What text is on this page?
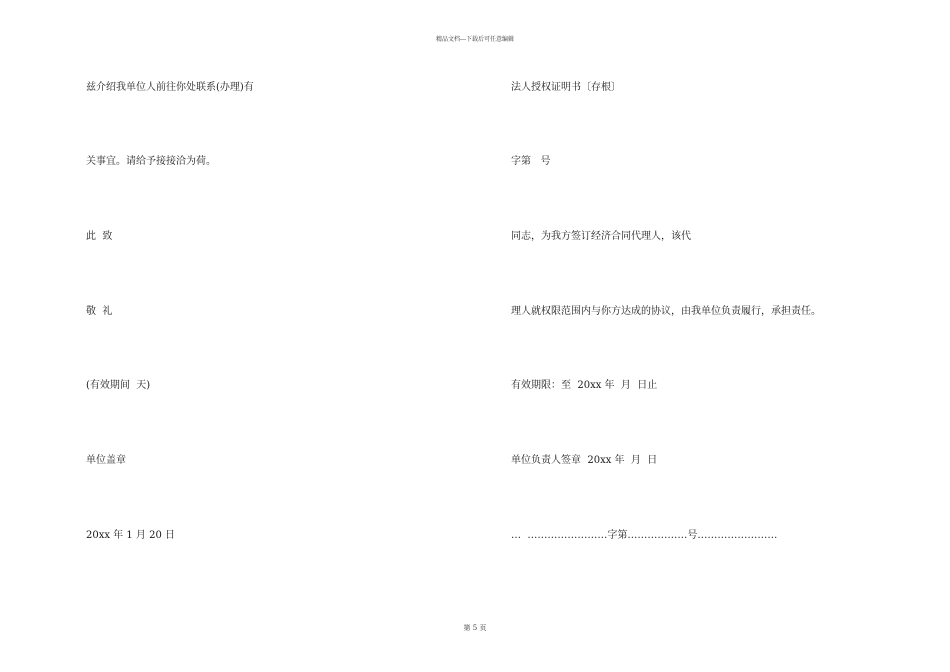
精品文档---下载后可任意编辑
兹介绍我单位人前往你处联系(办理)有
关事宜。请给予接接洽为荷。
此  致
敬  礼
(有效期间  天)
单位盖章
20xx 年 1 月 20 日
法人授权证明书〔存根〕
字第   号
同志，为我方签订经济合同代理人，该代
理人就权限范围内与你方达成的协议，由我单位负责履行，承担责任。
有效期限：至  20xx 年  月  日止
单位负责人签章  20xx 年  月  日
…  ……………………字第………………号……………………
第 5 页
